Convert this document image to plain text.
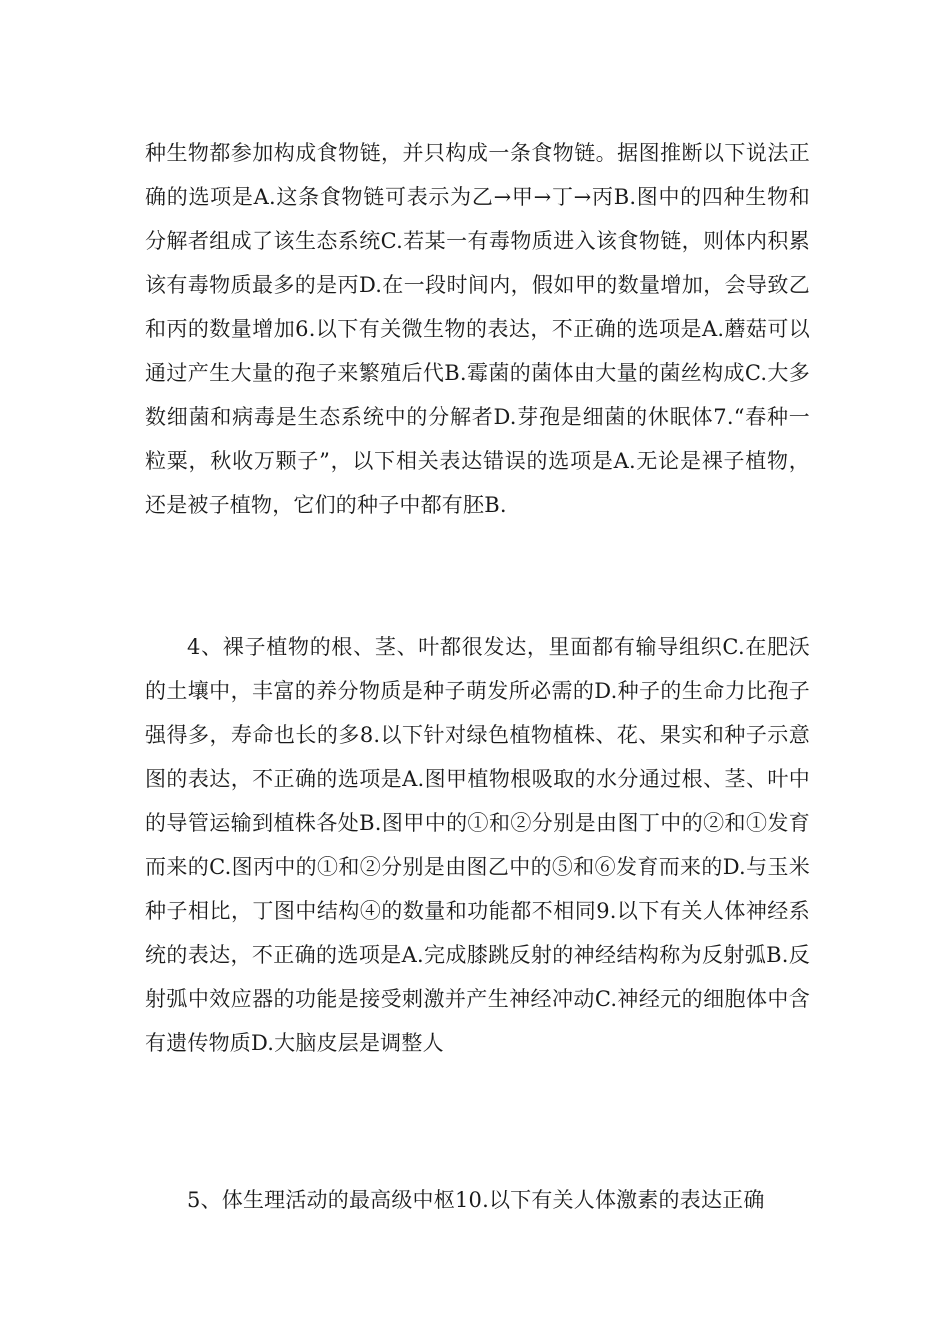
种生物都参加构成食物链，并只构成一条食物链。据图推断以下说法正确的选项是A.这条食物链可表示为乙→甲→丁→丙B.图中的四种生物和分解者组成了该生态系统C.若某一有毒物质进入该食物链，则体内积累该有毒物质最多的是丙D.在一段时间内，假如甲的数量增加，会导致乙和丙的数量增加6.以下有关微生物的表达，不正确的选项是A.蘑菇可以通过产生大量的孢子来繁殖后代B.霉菌的菌体由大量的菌丝构成C.大多数细菌和病毒是生态系统中的分解者D.芽孢是细菌的休眠体7.“春种一粒粟，秋收万颗子”，以下相关表达错误的选项是A.无论是裸子植物，还是被子植物，它们的种子中都有胚B.

4、裸子植物的根、茎、叶都很发达，里面都有输导组织C.在肥沃的土壤中，丰富的养分物质是种子萌发所必需的D.种子的生命力比孢子强得多，寿命也长的多8.以下针对绿色植物植株、花、果实和种子示意图的表达，不正确的选项是A.图甲植物根吸取的水分通过根、茎、叶中的导管运输到植株各处B.图甲中的①和②分别是由图丁中的②和①发育而来的C.图丙中的①和②分别是由图乙中的⑤和⑥发育而来的D.与玉米种子相比，丁图中结构④的数量和功能都不相同9.以下有关人体神经系统的表达，不正确的选项是A.完成膝跳反射的神经结构称为反射弧B.反射弧中效应器的功能是接受刺激并产生神经冲动C.神经元的细胞体中含有遗传物质D.大脑皮层是调整人

5、体生理活动的最高级中枢10.以下有关人体激素的表达正确
